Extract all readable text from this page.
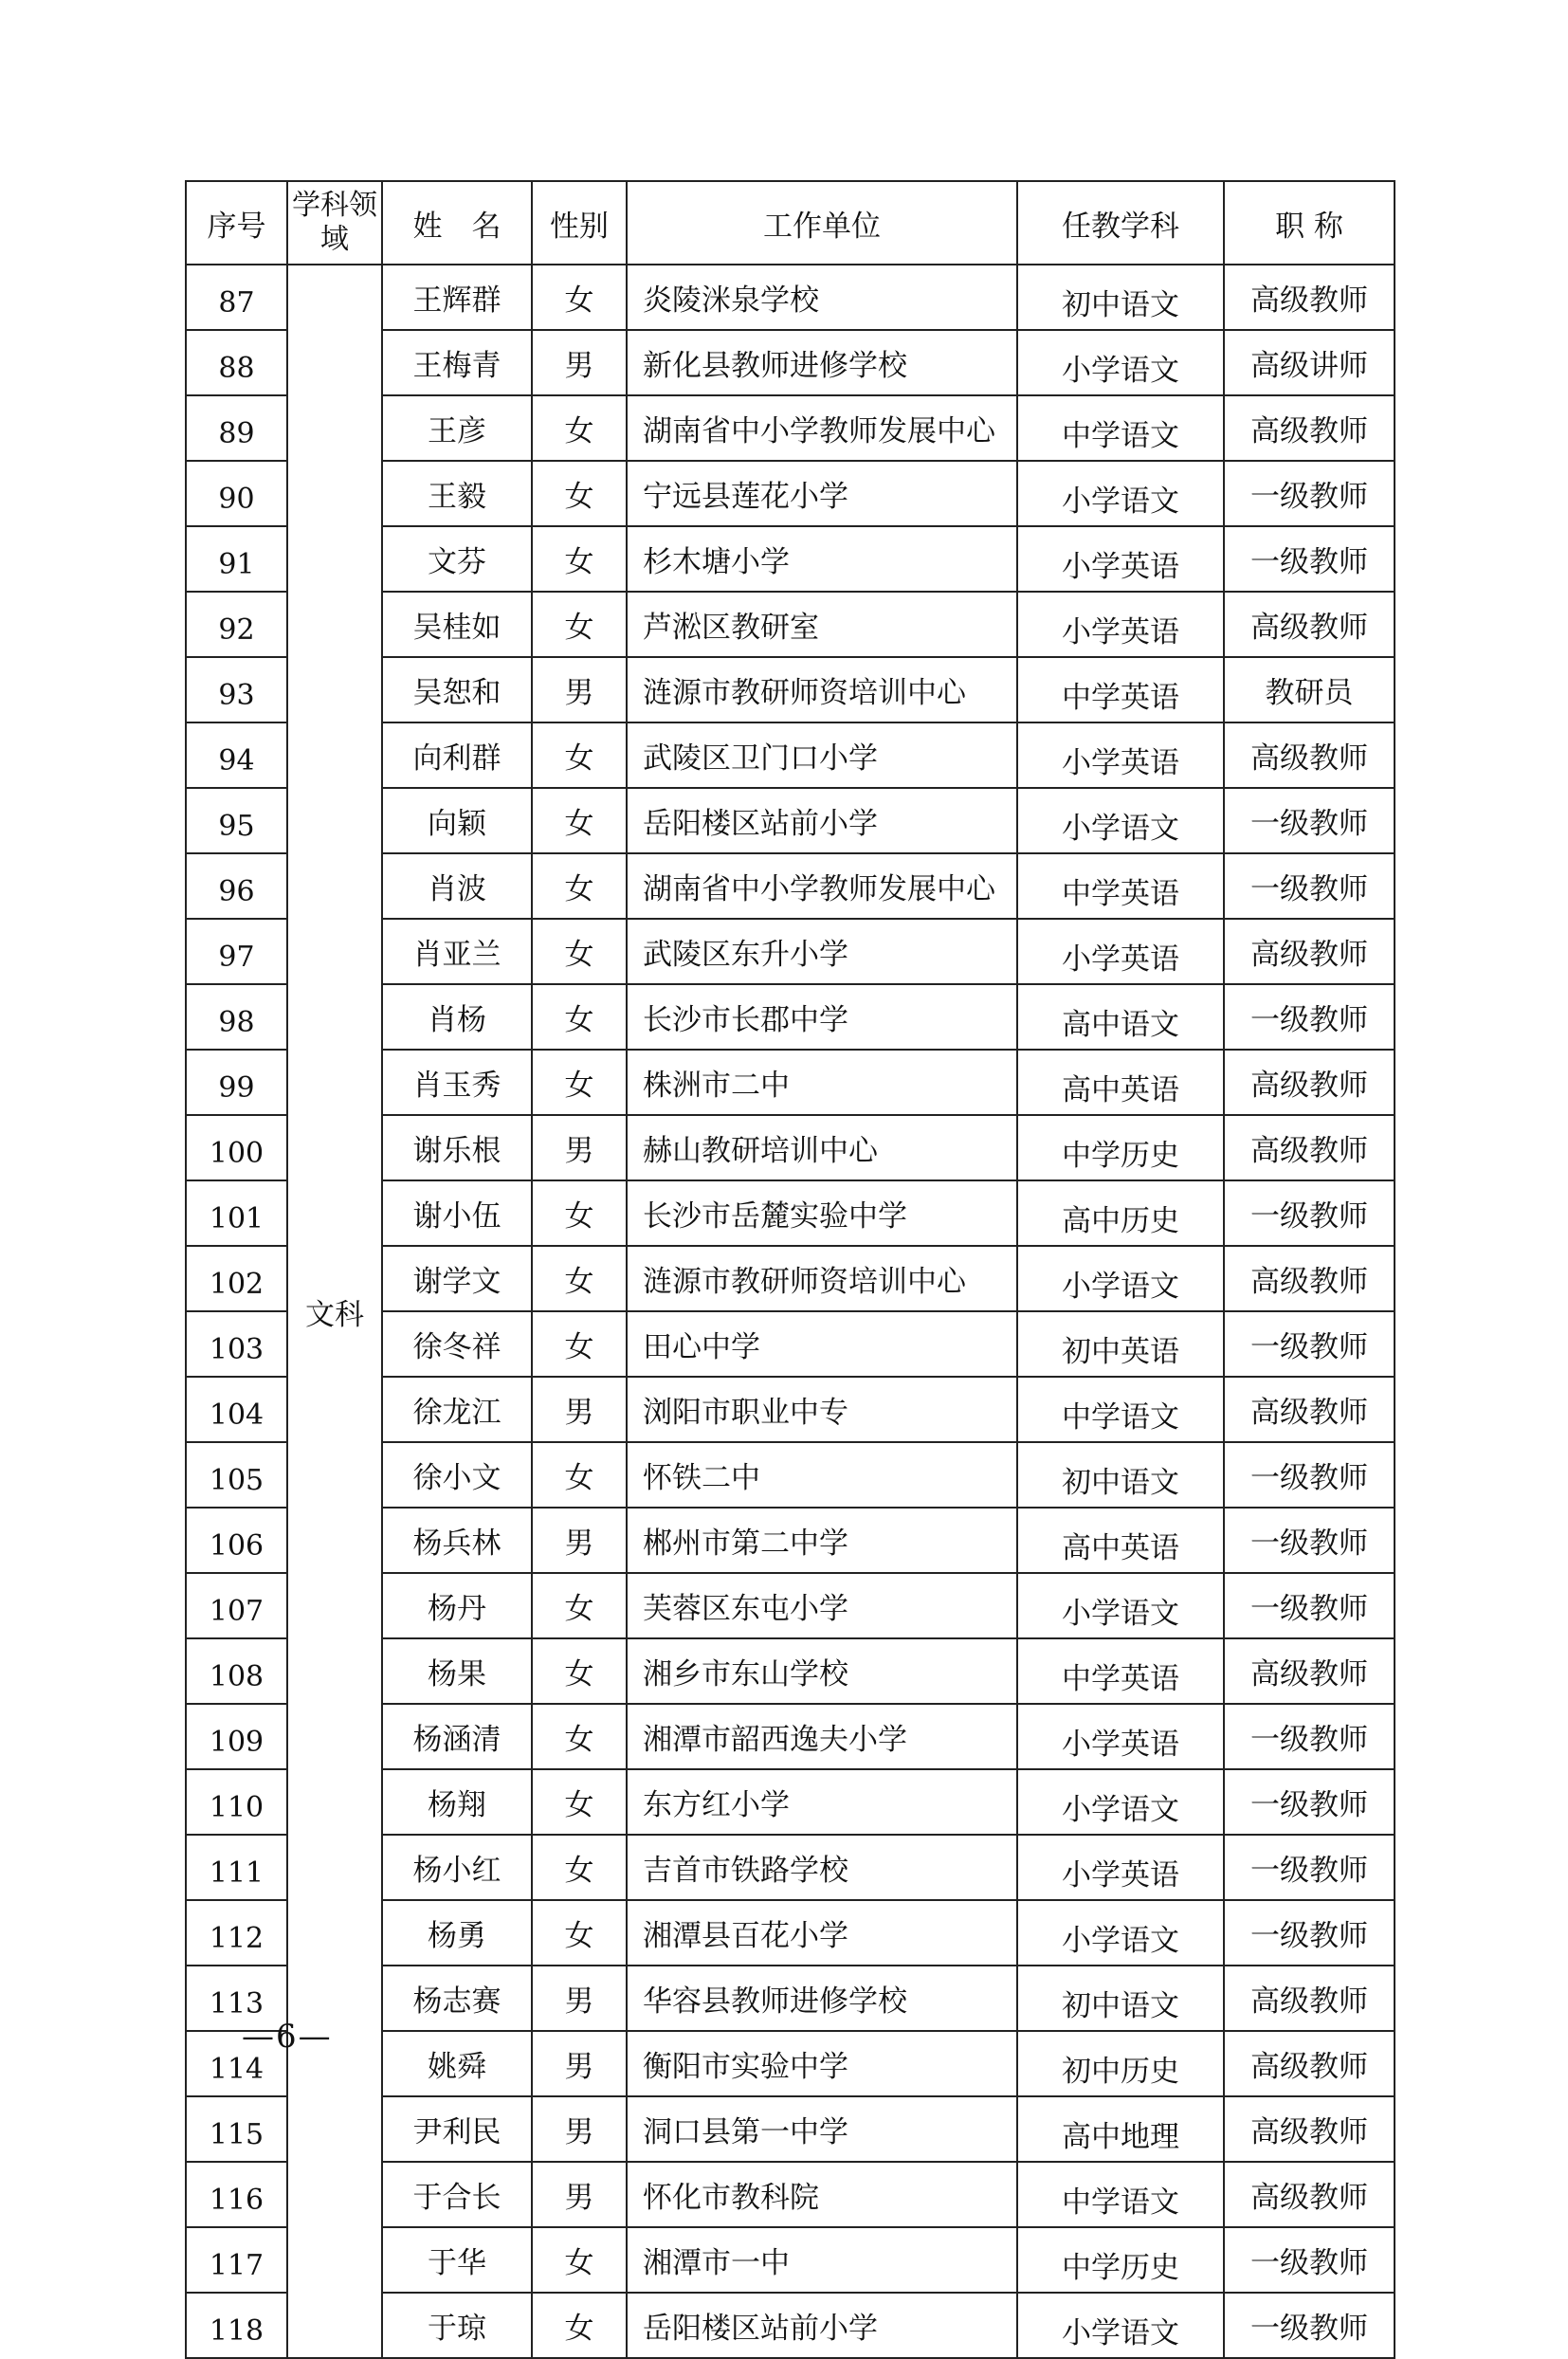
序号	学科领域	姓　名	性别	工作单位	任教学科	职 称
87	文科	王辉群	女	炎陵洣泉学校	初中语文	高级教师
88		王梅青	男	新化县教师进修学校	小学语文	高级讲师
89		王彦	女	湖南省中小学教师发展中心	中学语文	高级教师
90		王毅	女	宁远县莲花小学	小学语文	一级教师
91		文芬	女	杉木塘小学	小学英语	一级教师
92		吴桂如	女	芦淞区教研室	小学英语	高级教师
93		吴恕和	男	涟源市教研师资培训中心	中学英语	教研员
94		向利群	女	武陵区卫门口小学	小学英语	高级教师
95		向颖	女	岳阳楼区站前小学	小学语文	一级教师
96		肖波	女	湖南省中小学教师发展中心	中学英语	一级教师
97		肖亚兰	女	武陵区东升小学	小学英语	高级教师
98		肖杨	女	长沙市长郡中学	高中语文	一级教师
99		肖玉秀	女	株洲市二中	高中英语	高级教师
100		谢乐根	男	赫山教研培训中心	中学历史	高级教师
101		谢小伍	女	长沙市岳麓实验中学	高中历史	一级教师
102		谢学文	女	涟源市教研师资培训中心	小学语文	高级教师
103		徐冬祥	女	田心中学	初中英语	一级教师
104		徐龙江	男	浏阳市职业中专	中学语文	高级教师
105		徐小文	女	怀铁二中	初中语文	一级教师
106		杨兵林	男	郴州市第二中学	高中英语	一级教师
107		杨丹	女	芙蓉区东屯小学	小学语文	一级教师
108		杨果	女	湘乡市东山学校	中学英语	高级教师
109		杨涵清	女	湘潭市韶西逸夫小学	小学英语	一级教师
110		杨翔	女	东方红小学	小学语文	一级教师
111		杨小红	女	吉首市铁路学校	小学英语	一级教师
112		杨勇	女	湘潭县百花小学	小学语文	一级教师
113		杨志赛	男	华容县教师进修学校	初中语文	高级教师
114		姚舜	男	衡阳市实验中学	初中历史	高级教师
115		尹利民	男	洞口县第一中学	高中地理	高级教师
116		于合长	男	怀化市教科院	中学语文	高级教师
117		于华	女	湘潭市一中	中学历史	一级教师
118		于琼	女	岳阳楼区站前小学	小学语文	一级教师
—6—
